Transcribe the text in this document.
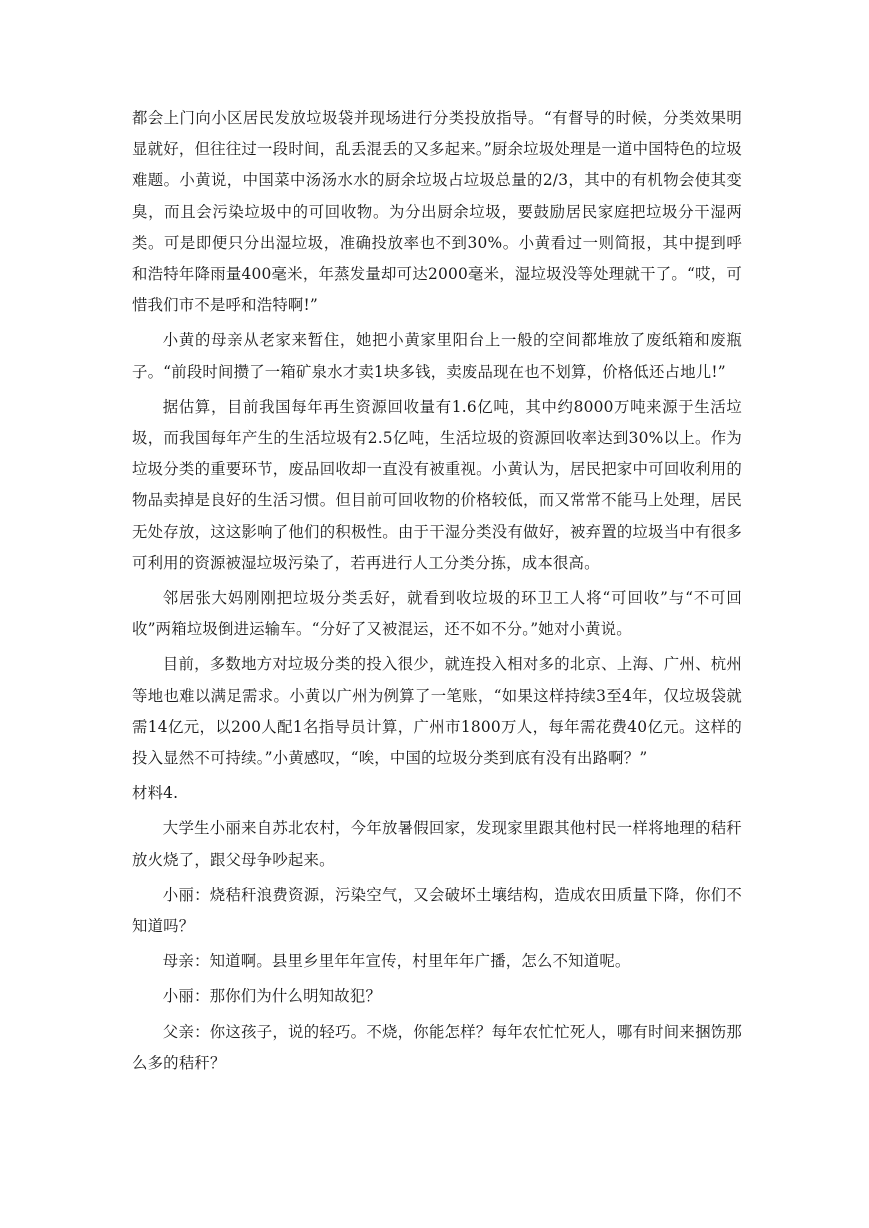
都会上门向小区居民发放垃圾袋并现场进行分类投放指导。“有督导的时候，分类效果明显就好，但往往过一段时间，乱丢混丢的又多起来。”厨余垃圾处理是一道中国特色的垃圾难题。小黄说，中国菜中汤汤水水的厨余垃圾占垃圾总量的2/3，其中的有机物会使其变臭，而且会污染垃圾中的可回收物。为分出厨余垃圾，要鼓励居民家庭把垃圾分干湿两类。可是即便只分出湿垃圾，准确投放率也不到30%。小黄看过一则简报，其中提到呼和浩特年降雨量400毫米，年蒸发量却可达2000毫米，湿垃圾没等处理就干了。“哎，可惜我们市不是呼和浩特啊!”

小黄的母亲从老家来暂住，她把小黄家里阳台上一般的空间都堆放了废纸箱和废瓶子。“前段时间攒了一箱矿泉水才卖1块多钱，卖废品现在也不划算，价格低还占地儿!”

据估算，目前我国每年再生资源回收量有1.6亿吨，其中约8000万吨来源于生活垃圾，而我国每年产生的生活垃圾有2.5亿吨，生活垃圾的资源回收率达到30%以上。作为垃圾分类的重要环节，废品回收却一直没有被重视。小黄认为，居民把家中可回收利用的物品卖掉是良好的生活习惯。但目前可回收物的价格较低，而又常常不能马上处理，居民无处存放，这这影响了他们的积极性。由于干湿分类没有做好，被弃置的垃圾当中有很多可利用的资源被湿垃圾污染了，若再进行人工分类分拣，成本很高。

邻居张大妈刚刚把垃圾分类丢好，就看到收垃圾的环卫工人将“可回收”与“不可回收”两箱垃圾倒进运输车。“分好了又被混运，还不如不分。”她对小黄说。

目前，多数地方对垃圾分类的投入很少，就连投入相对多的北京、上海、广州、杭州等地也难以满足需求。小黄以广州为例算了一笔账，“如果这样持续3至4年，仅垃圾袋就需14亿元，以200人配1名指导员计算，广州市1800万人，每年需花费40亿元。这样的投入显然不可持续。”小黄感叹，“唉，中国的垃圾分类到底有没有出路啊？”

材料4.

大学生小丽来自苏北农村，今年放暑假回家，发现家里跟其他村民一样将地理的秸秆放火烧了，跟父母争吵起来。

小丽：烧秸秆浪费资源，污染空气，又会破坏土壤结构，造成农田质量下降，你们不知道吗？

母亲：知道啊。县里乡里年年宣传，村里年年广播，怎么不知道呢。

小丽：那你们为什么明知故犯？

父亲：你这孩子，说的轻巧。不烧，你能怎样？每年农忙忙死人，哪有时间来捆饬那么多的秸秆？
